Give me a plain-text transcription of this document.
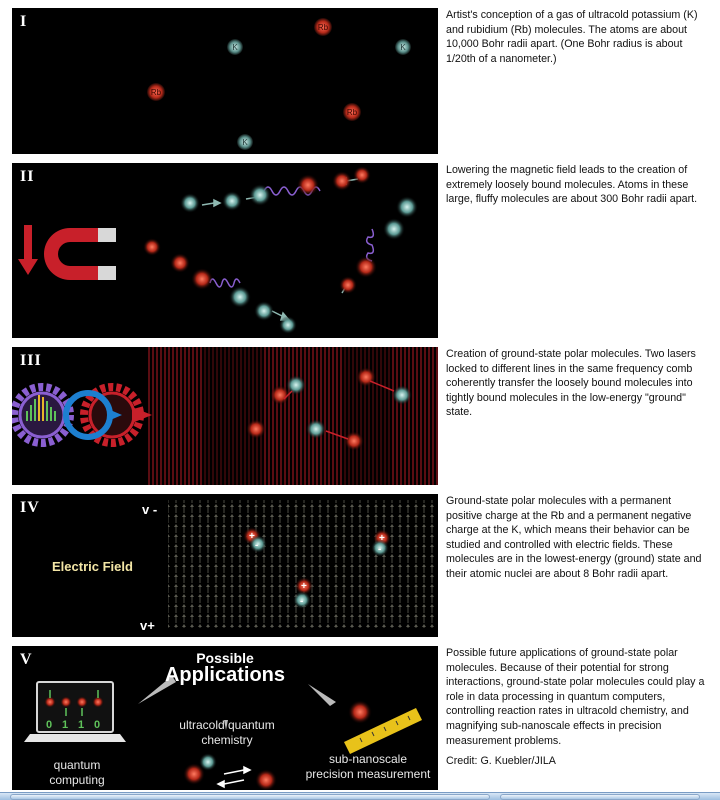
I	Rb
K	K
Rb
Rb
K
Artist's conception of a gas of ultracold potassium (K) and rubidium (Rb) molecules. The atoms are about 10,000 Bohr radii apart. (One Bohr radius is about 1/20th of a nanometer.)
II	Lowering the magnetic field leads to the creation of extremely loosely bound molecules. Atoms in these large, fluffy molecules are about 300 Bohr radii apart.
III	Creation of ground-state polar molecules. Two lasers locked to different lines in the same frequency comb coherently transfer the loosely bound molecules into tightly bound molecules in the low-energy "ground" state.
+
-
+
-
+
-
IV	v -
Electric Field
v+
Ground-state polar molecules with a permanent positive charge at the Rb and a permanent negative charge at the K, which means their behavior can be studied and controlled with electric fields. These molecules are in the lowest-energy (ground) state and their atomic nuclei are about 8 Bohr radii apart.
0 1 1 0
V	Possible
Applications
ultracold quantum
chemistry
quantum
computing
sub-nanoscale
precision measurement
Possible future applications of ground-state polar molecules. Because of their potential for strong interactions, ground-state polar molecules could play a role in data processing in quantum computers, controlling reaction rates in ultracold chemistry, and magnifying sub-nanoscale effects in precision measurement problems.
Credit: G. Kuebler/JILA
